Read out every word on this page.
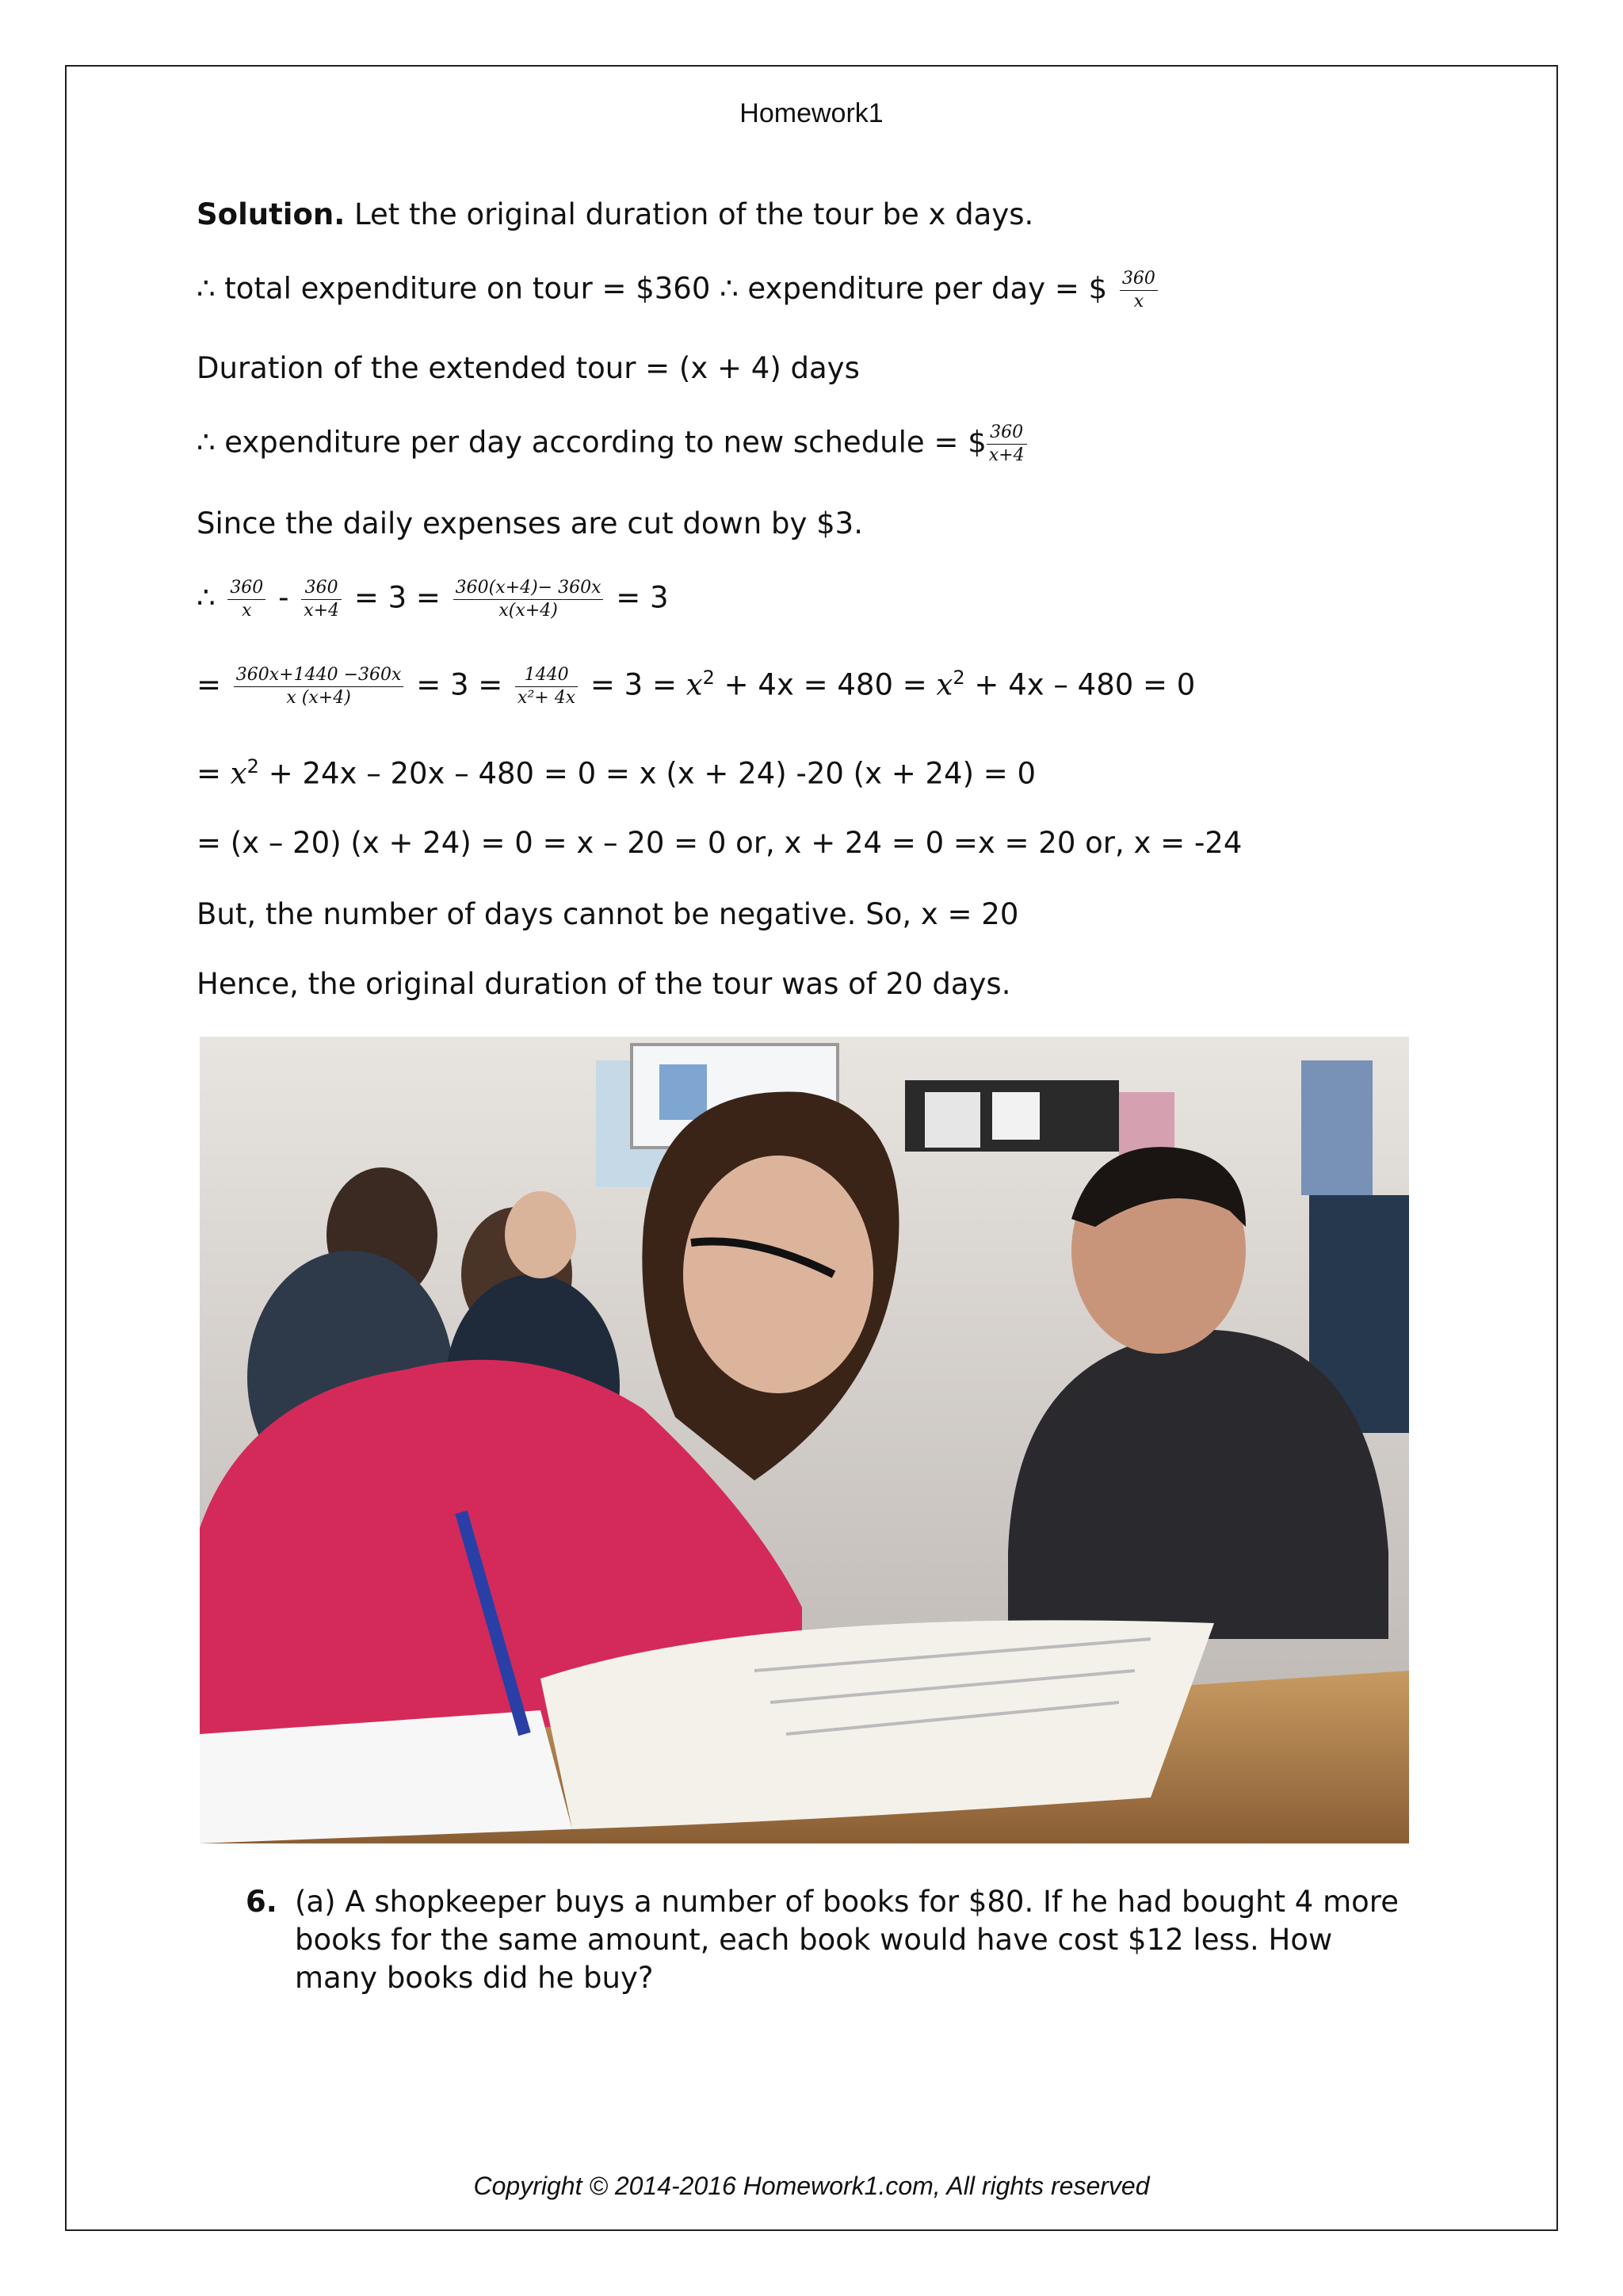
Homework1
Solution. Let the original duration of the tour be x days.
∴ total expenditure on tour = $360 ∴ expenditure per day = $ $\frac{360}{x}$
Duration of the extended tour = (x + 4) days
∴ expenditure per day according to new schedule = $ $\frac{360}{x+4}$
Since the daily expenses are cut down by $3.
∴ $\frac{360}{x} - \frac{360}{x+4} = 3 = \frac{360(x+4)- 360x}{x(x+4)} = 3$
= $\frac{360x+1440 -360x}{x (x+4)} = 3 = \frac{1440}{\text{x²+ 4x}} = 3 = x^2 + 4x = 480 = x^2 + 4x - 480 = 0$
= $x^2 + 24x - 20x - 480 = 0 = x$ (x + 24) -20 (x + 24) = 0
= (x – 20) (x + 24) = 0 = x – 20 = 0 or, x + 24 = 0 =x = 20 or, x = -24
But, the number of days cannot be negative. So, x = 20
Hence, the original duration of the tour was of 20 days.
6. (a) A shopkeeper buys a number of books for $80. If he had bought 4 more books for the same amount, each book would have cost $12 less. How many books did he buy?
Copyright © 2014-2016 Homework1.com, All rights reserved
